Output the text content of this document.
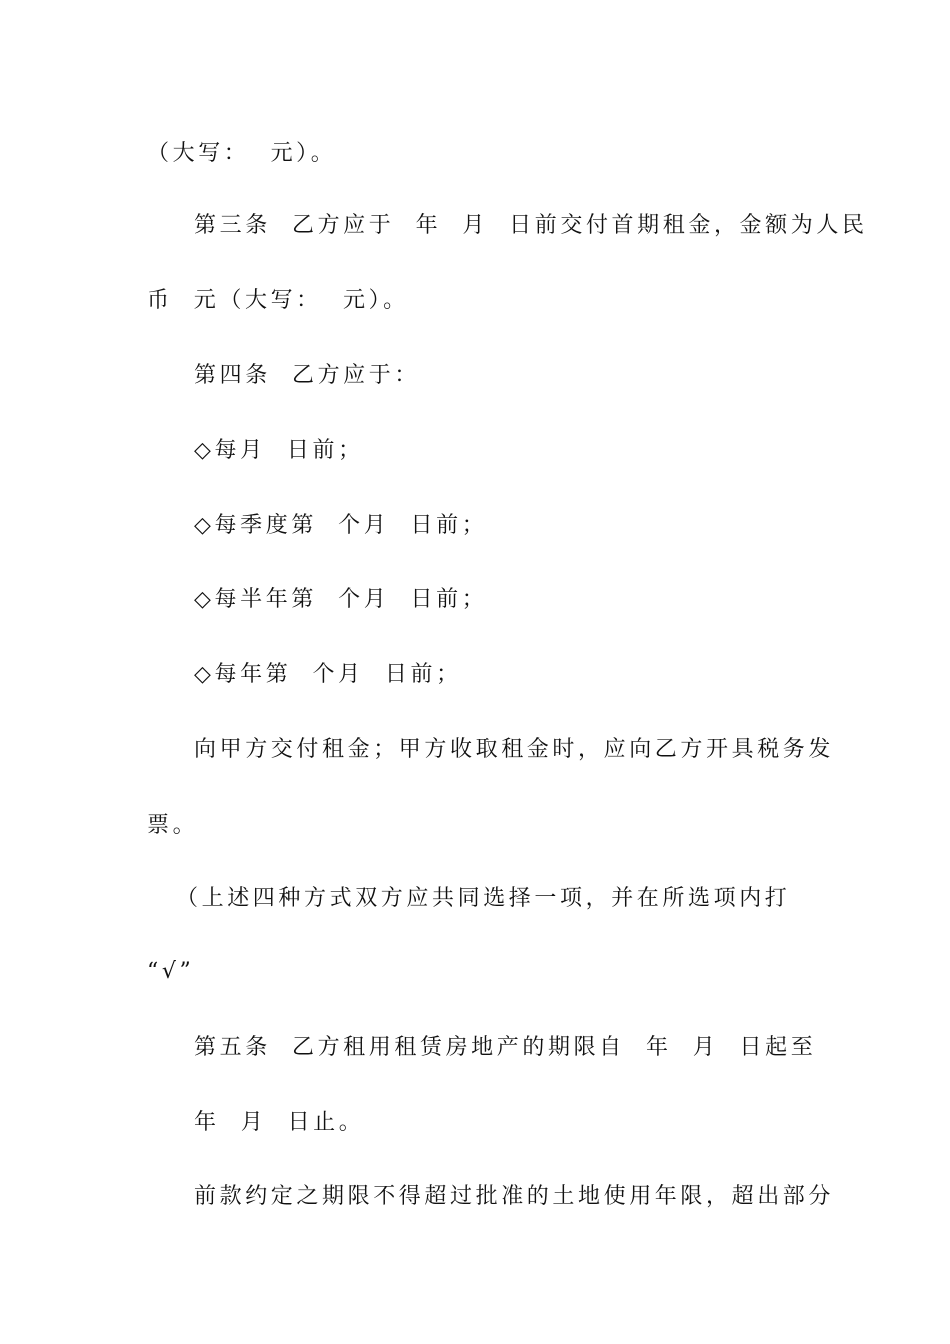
（大写：  元）。
第三条  乙方应于  年  月  日前交付首期租金，金额为人民
币  元（大写：  元）。
第四条  乙方应于：
◇每月  日前；
◇每季度第  个月  日前；
◇每半年第  个月  日前；
◇每年第  个月  日前；
向甲方交付租金；甲方收取租金时，应向乙方开具税务发
票。
（上述四种方式双方应共同选择一项，并在所选项内打
“√”
第五条  乙方租用租赁房地产的期限自  年  月  日起至
年  月  日止。
前款约定之期限不得超过批准的土地使用年限，超出部分
